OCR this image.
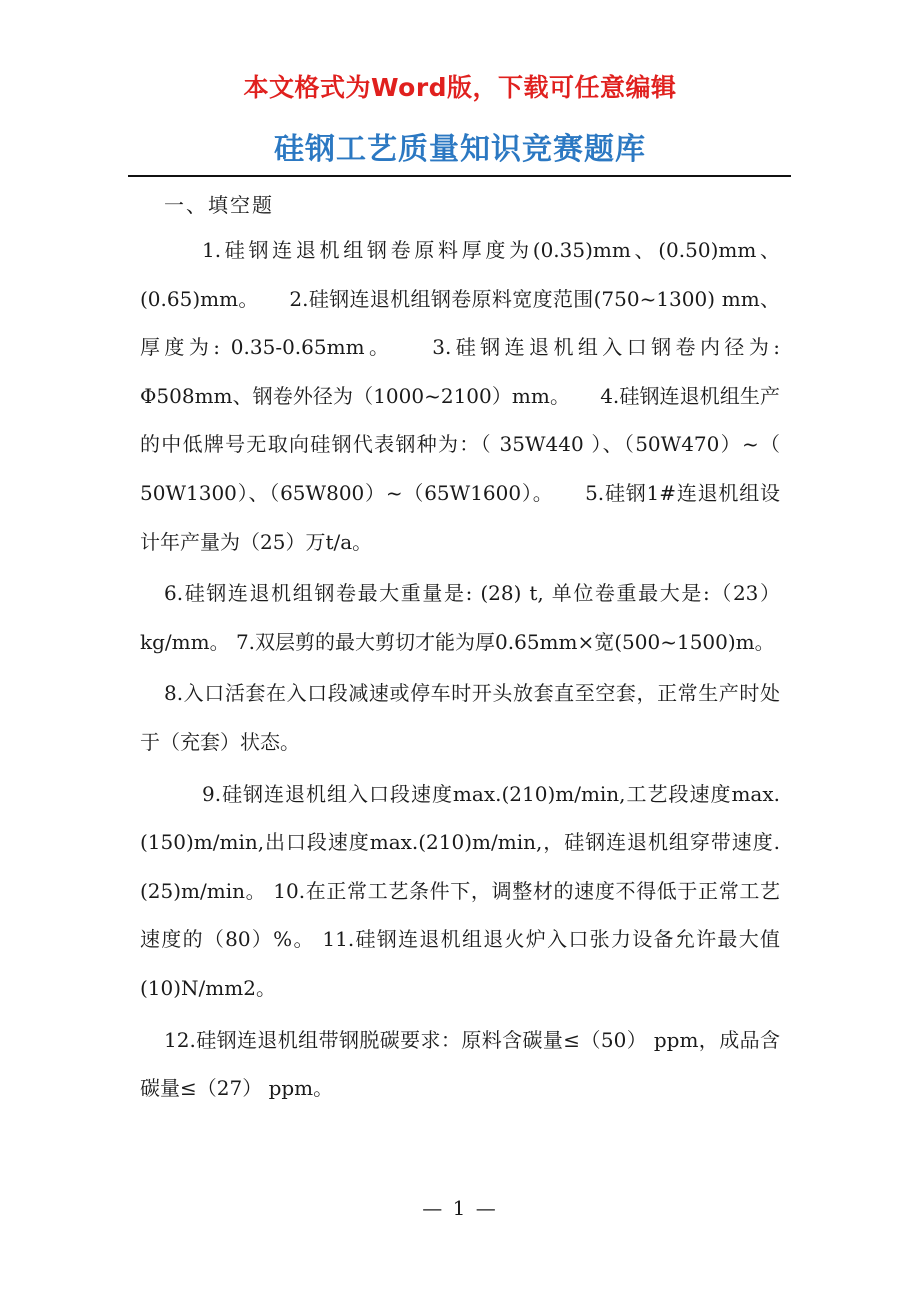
本文格式为Word版，下载可任意编辑
硅钢工艺质量知识竞赛题库
一、填空题

1.硅钢连退机组钢卷原料厚度为(0.35)mm、(0.50)mm、(0.65)mm。　　2.硅钢连退机组钢卷原料宽度范围(750~1300) mm、厚度为: 0.35-0.65mm。　　3.硅钢连退机组入口钢卷内径为: Φ508mm、钢卷外径为（1000~2100）mm。　　4.硅钢连退机组生产的中低牌号无取向硅钢代表钢种为：（ 35W440 ）、（50W470）~（ 50W1300）、（65W800）~（65W1600）。　　5.硅钢1#连退机组设计年产量为（25）万t/a。

6.硅钢连退机组钢卷最大重量是: (28) t, 单位卷重最大是:（23）kg/mm。 7.双层剪的最大剪切才能为厚0.65mm×宽(500~1500)m。

8.入口活套在入口段减速或停车时开头放套直至空套，正常生产时处于（充套）状态。

9.硅钢连退机组入口段速度max.(210)m/min,工艺段速度max.(150)m/min,出口段速度max.(210)m/min,，硅钢连退机组穿带速度.(25)m/min。 10.在正常工艺条件下，调整材的速度不得低于正常工艺速度的（80）%。 11.硅钢连退机组退火炉入口张力设备允许最大值(10)N/mm2。

12.硅钢连退机组带钢脱碳要求：原料含碳量≤（50） ppm，成品含碳量≤（27） ppm。

— 1 —
